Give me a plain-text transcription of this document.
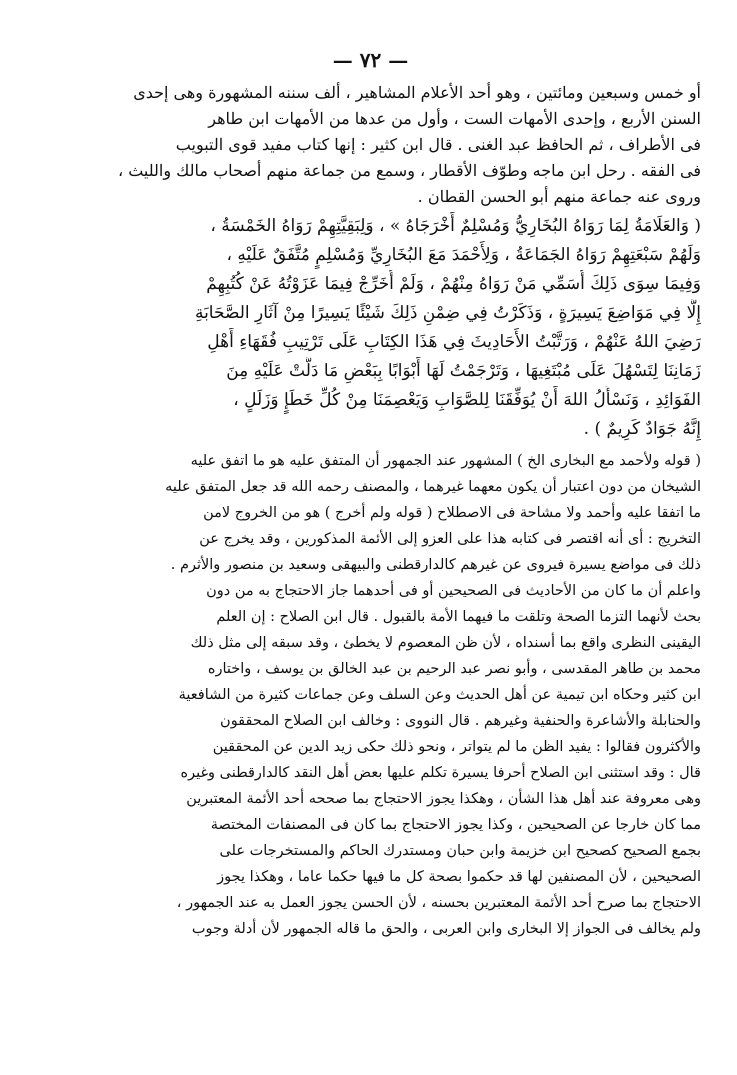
— ٧٢ —
أو خمس وسبعين ومائتين ، وهو أحد الأعلام المشاهير ، ألف سننه المشهورة وهى إحدى
السنن الأربع ، وإحدى الأمهات الست ، وأول من عدها من الأمهات ابن طاهر
فى الأطراف ، ثم الحافظ عبد الغنى . قال ابن كثير : إنها كتاب مفيد قوى التبويب
فى الفقه . رحل ابن ماجه وطوّف الأقطار ، وسمع من جماعة منهم أصحاب مالك والليث ،
وروى عنه جماعة منهم أبو الحسن القطان .
( وَالعَلَامَةُ لِمَا رَوَاهُ البُخَارِيُّ وَمُسْلِمٌ أَخْرَجَاهُ » ، وَلِبَقِيَّتِهِمْ رَوَاهُ الخَمْسَةُ ،
وَلَهُمْ سَبْعَتِهِمْ رَوَاهُ الجَمَاعَةُ ، وَلِأَحْمَدَ مَعَ البُخَارِيِّ وَمُسْلِمٍ مُتَّفَقٌ عَلَيْهِ ،
وَفِيمَا سِوَى ذَلِكَ أُسَمِّي مَنْ رَوَاهُ مِنْهُمْ ، وَلَمْ أُخَرِّجْ فِيمَا عَزَوْتُهُ عَنْ كُتُبِهِمْ
إِلَّا فِي مَوَاضِعَ يَسِيرَةٍ ، وَذَكَرْتُ فِي ضِمْنِ ذَلِكَ شَيْئًا يَسِيرًا مِنْ آثَارِ الصَّحَابَةِ
رَضِيَ اللهُ عَنْهُمْ ، وَرَتَّبْتُ الأَحَادِيثَ فِي هَذَا الكِتَابِ عَلَى تَرْتِيبِ فُقَهَاءِ أَهْلِ
زَمَانِنَا لِتَسْهُلَ عَلَى مُبْتَغِيهَا ، وَتَرْجَمْتُ لَهَا أَبْوَابًا بِبَعْضِ مَا دَلَّتْ عَلَيْهِ مِنَ
الفَوَائِدِ ، وَنَسْأَلُ اللهَ أَنْ يُوَفِّقَنَا لِلصَّوَابِ وَيَعْصِمَنَا مِنْ كُلِّ خَطَإٍ وَزَلَلٍ ،
إِنَّهُ جَوَادٌ كَرِيمٌ ) .
( قوله ولأحمد مع البخارى الخ ) المشهور عند الجمهور أن المتفق عليه هو ما اتفق عليه
الشيخان من دون اعتبار أن يكون معهما غيرهما ، والمصنف رحمه الله قد جعل المتفق عليه
ما اتفقا عليه وأحمد ولا مشاحة فى الاصطلاح ( قوله ولم أخرج ) هو من الخروج لامن
التخريج : أى أنه اقتصر فى كتابه هذا على العزو إلى الأئمة المذكورين ، وقد يخرج عن
ذلك فى مواضع يسيرة فيروى عن غيرهم كالدارقطنى والبيهقى وسعيد بن منصور والأثرم .
واعلم أن ما كان من الأحاديث فى الصحيحين أو فى أحدهما جاز الاحتجاج به من دون
بحث لأنهما التزما الصحة وتلقت ما فيهما الأمة بالقبول . قال ابن الصلاح : إن العلم
اليقينى النظرى واقع بما أسنداه ، لأن ظن المعصوم لا يخطئ ، وقد سبقه إلى مثل ذلك
محمد بن طاهر المقدسى ، وأبو نصر عبد الرحيم بن عبد الخالق بن يوسف ، واختاره
ابن كثير وحكاه ابن تيمية عن أهل الحديث وعن السلف وعن جماعات كثيرة من الشافعية
والحنابلة والأشاعرة والحنفية وغيرهم . قال النووى : وخالف ابن الصلاح المحققون
والأكثرون فقالوا : يفيد الظن ما لم يتواتر ، ونحو ذلك حكى زيد الدين عن المحققين
قال : وقد استثنى ابن الصلاح أحرفا يسيرة تكلم عليها بعض أهل النقد كالدارقطنى وغيره
وهى معروفة عند أهل هذا الشأن ، وهكذا يجوز الاحتجاج بما صححه أحد الأئمة المعتبرين
مما كان خارجا عن الصحيحين ، وكذا يجوز الاحتجاج بما كان فى المصنفات المختصة
بجمع الصحيح كصحيح ابن خزيمة وابن حبان ومستدرك الحاكم والمستخرجات على
الصحيحين ، لأن المصنفين لها قد حكموا بصحة كل ما فيها حكما عاما ، وهكذا يجوز
الاحتجاج بما صرح أحد الأئمة المعتبرين بحسنه ، لأن الحسن يجوز العمل به عند الجمهور ،
ولم يخالف فى الجواز إلا البخارى وابن العربى ، والحق ما قاله الجمهور لأن أدلة وجوب
